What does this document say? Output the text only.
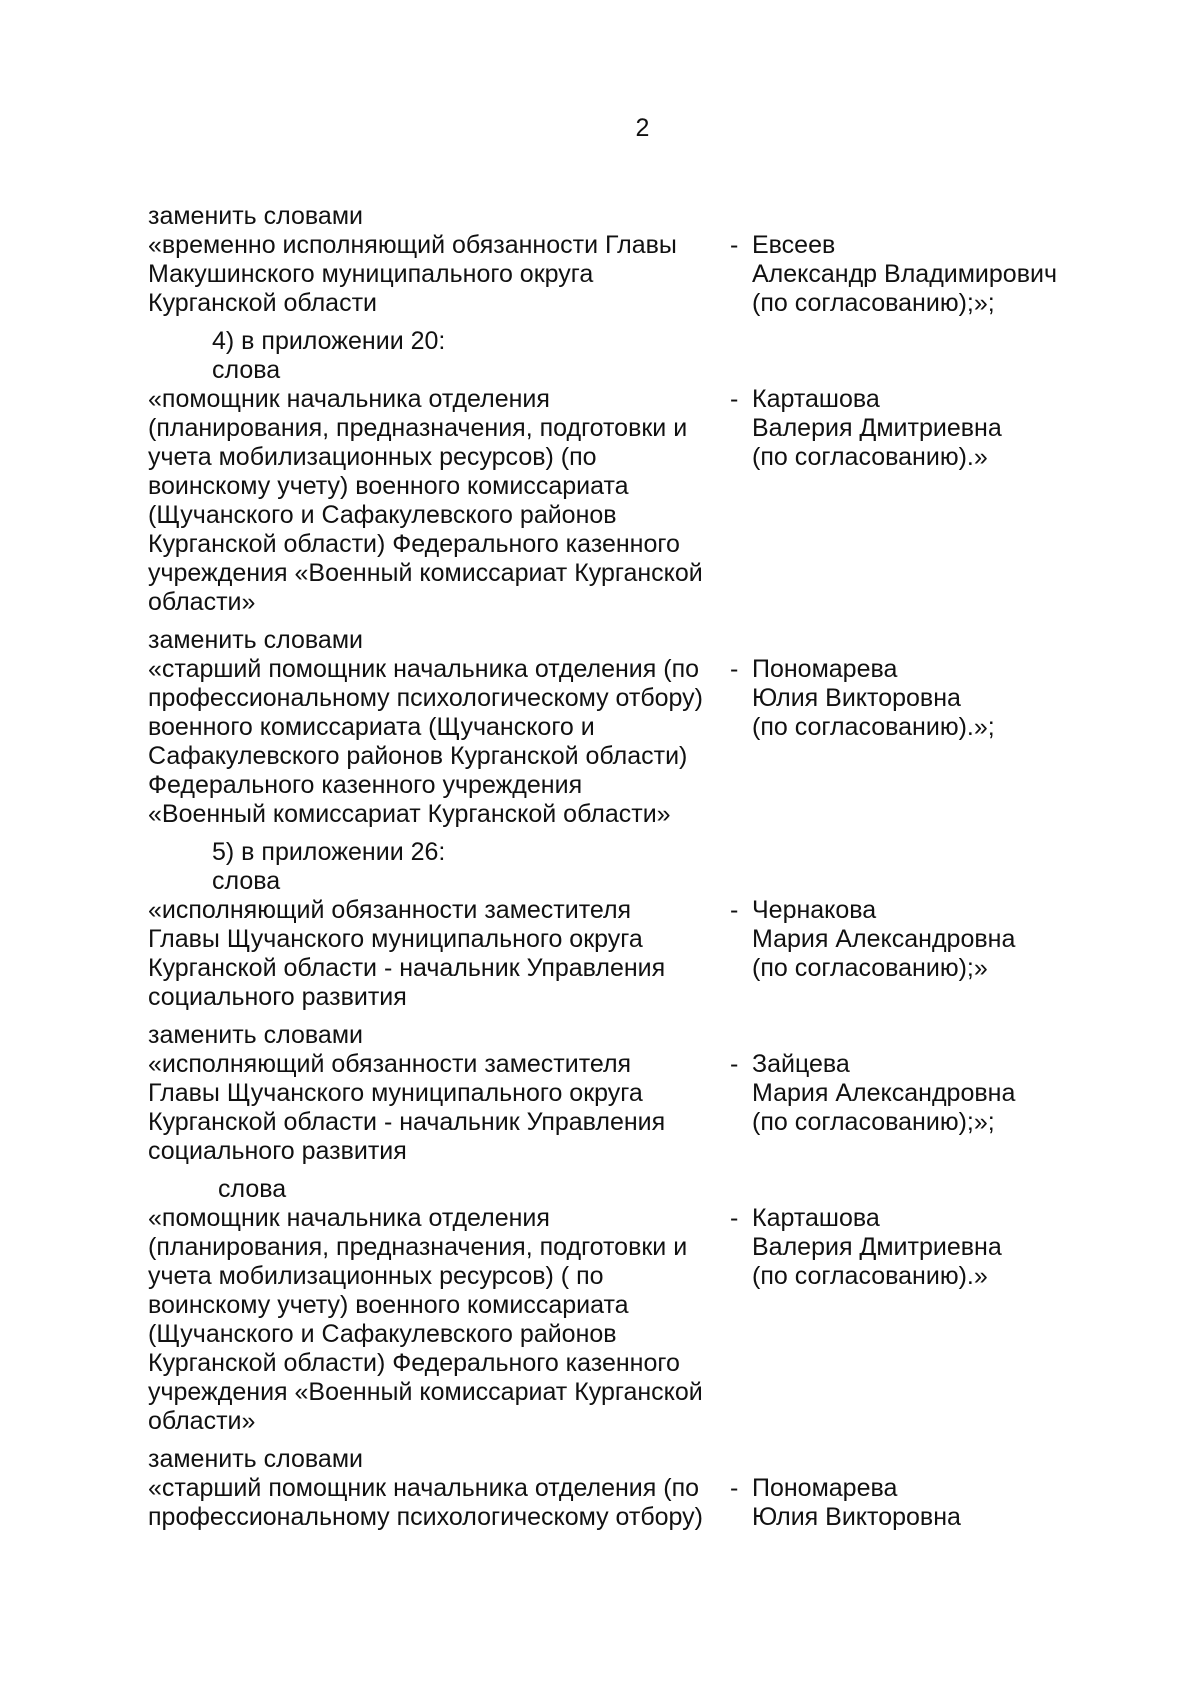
2
заменить словами
«временно исполняющий обязанности Главы
Макушинского муниципального округа
Курганской области
- Евсеев
Александр Владимирович
(по согласованию);»;
4) в приложении 20:
слова
«помощник начальника отделения
(планирования, предназначения, подготовки и
учета мобилизационных ресурсов) (по
воинскому учету) военного комиссариата
(Щучанского и Сафакулевского районов
Курганской области) Федерального казенного
учреждения «Военный комиссариат Курганской
области»
- Карташова
Валерия Дмитриевна
(по согласованию).»
заменить словами
«старший помощник начальника отделения (по
профессиональному психологическому отбору)
военного комиссариата (Щучанского и
Сафакулевского районов Курганской области)
Федерального казенного учреждения
«Военный комиссариат Курганской области»
- Пономарева
Юлия Викторовна
(по согласованию).»;
5) в приложении 26:
слова
«исполняющий обязанности заместителя
Главы Щучанского муниципального округа
Курганской области - начальник Управления
социального развития
- Чернакова
Мария Александровна
(по согласованию);»
заменить словами
«исполняющий обязанности заместителя
Главы Щучанского муниципального округа
Курганской области - начальник Управления
социального развития
- Зайцева
Мария Александровна
(по согласованию);»;
слова
«помощник начальника отделения
(планирования, предназначения, подготовки и
учета мобилизационных ресурсов) ( по
воинскому учету) военного комиссариата
(Щучанского и Сафакулевского районов
Курганской области) Федерального казенного
учреждения «Военный комиссариат Курганской
области»
- Карташова
Валерия Дмитриевна
(по согласованию).»
заменить словами
«старший помощник начальника отделения (по
профессиональному психологическому отбору)
- Пономарева
Юлия Викторовна
